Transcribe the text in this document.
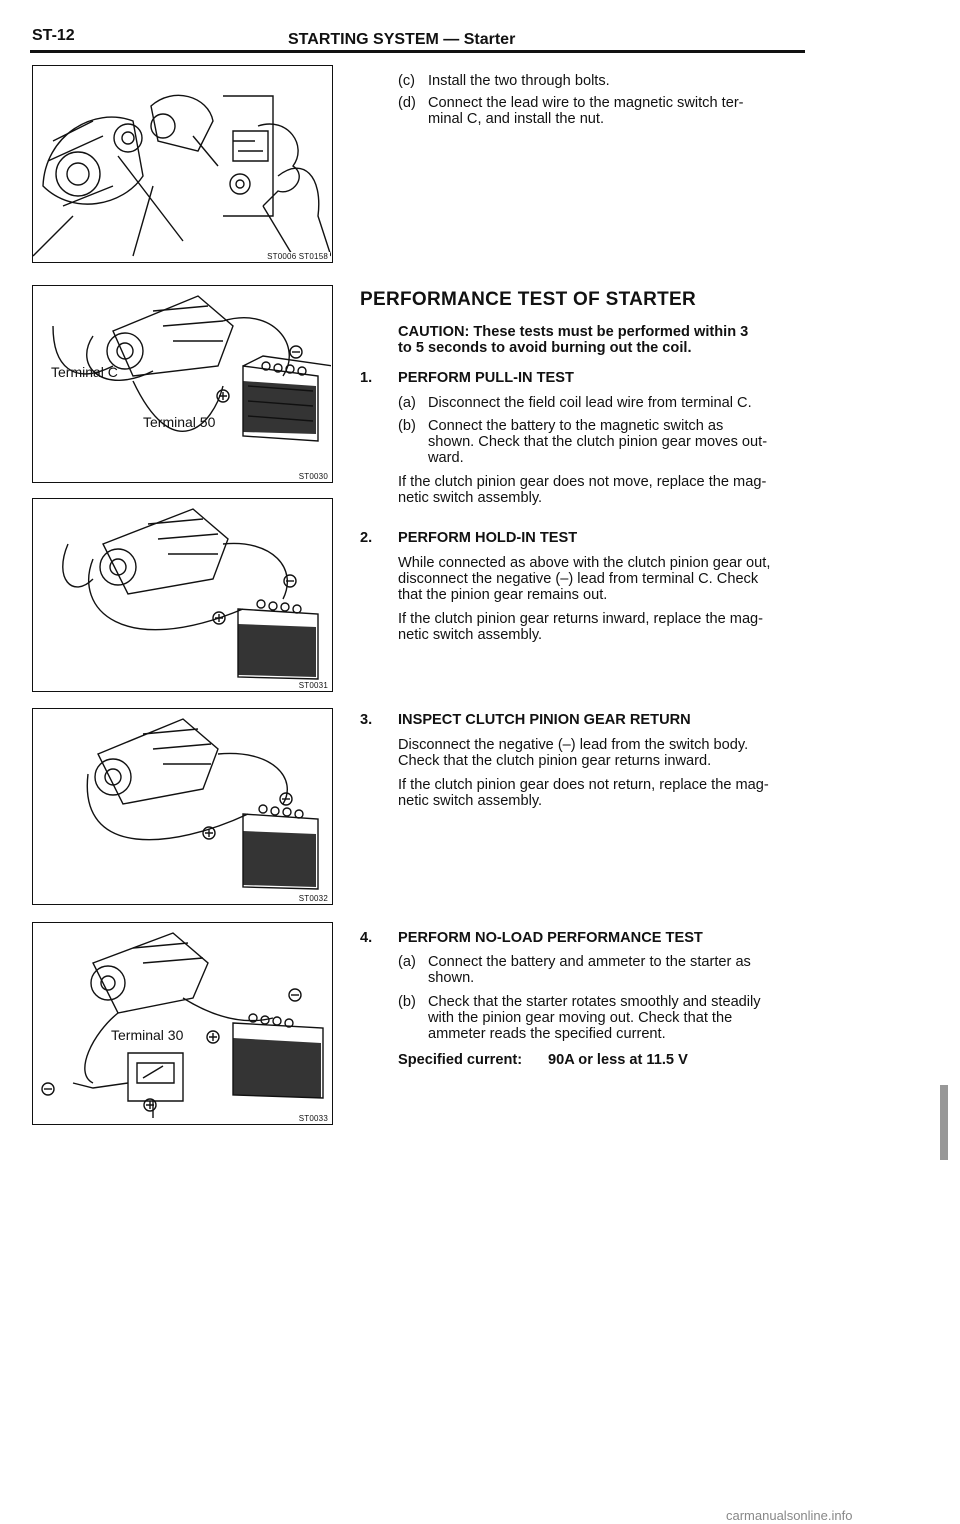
ST-12	STARTING SYSTEM — Starter
ST0006 ST0158
Terminal C
Terminal 50
ST0030
ST0031
ST0032
Terminal 30
ST0033
(c) Install the two through bolts.
(d) Connect the lead wire to the magnetic switch ter-
minal C, and install the nut.
PERFORMANCE TEST OF STARTER
CAUTION: These tests must be performed within 3
to 5 seconds to avoid burning out the coil.
1. PERFORM PULL-IN TEST
(a) Disconnect the field coil lead wire from terminal C.
(b) Connect the battery to the magnetic switch as
shown. Check that the clutch pinion gear moves out-
ward.
If the clutch pinion gear does not move, replace the mag-
netic switch assembly.
2. PERFORM HOLD-IN TEST
While connected as above with the clutch pinion gear out,
disconnect the negative (–) lead from terminal C. Check
that the pinion gear remains out.
If the clutch pinion gear returns inward, replace the mag-
netic switch assembly.
3. INSPECT CLUTCH PINION GEAR RETURN
Disconnect the negative (–) lead from the switch body.
Check that the clutch pinion gear returns inward.
If the clutch pinion gear does not return, replace the mag-
netic switch assembly.
4. PERFORM NO-LOAD PERFORMANCE TEST
(a) Connect the battery and ammeter to the starter as
shown.
(b) Check that the starter rotates smoothly and steadily
with the pinion gear moving out. Check that the
ammeter reads the specified current.
Specified current: 90A or less at 11.5 V
carmanualsonline.info
